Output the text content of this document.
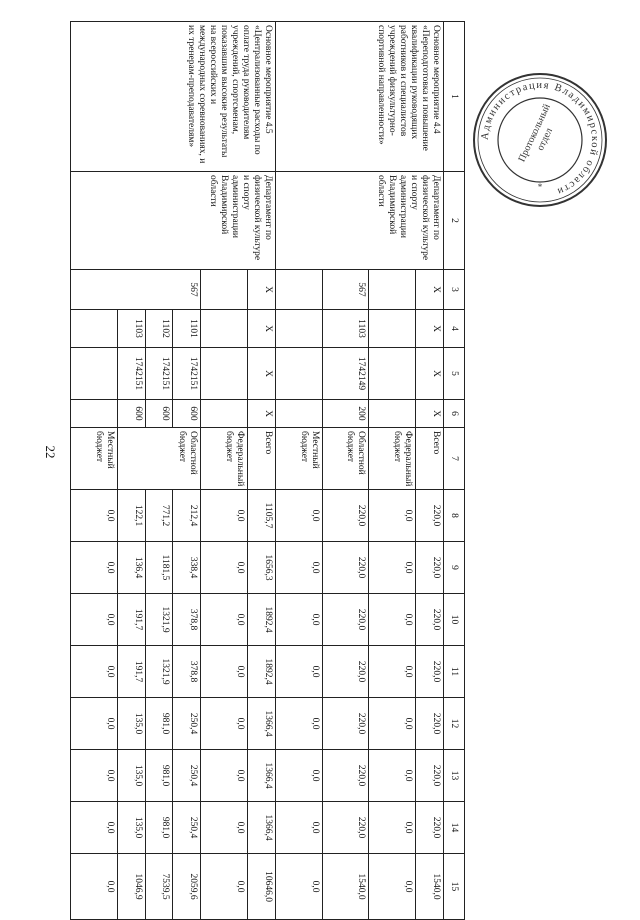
22
1	2	3	4	5	6	7	8	9	10	11	12	13	14	15
Основное мероприятие 4.4 «Переподготовка и повышение квалификации руководящих работников и специалистов учреждений физкультурно-спортивной направленности»	Департамент по физической культуре и спорту администрации Владимирской области	X	X	X	X	Всего	220,0	220,0	220,0	220,0	220,0	220,0	220,0	1540,0
						Федеральный бюджет	0,0	0,0	0,0	0,0	0,0	0,0	0,0	0,0
		567	1103	1742149	200	Областной бюджет	220,0	220,0	220,0	220,0	220,0	220,0	220,0	1540,0
						Местный бюджет	0,0	0,0	0,0	0,0	0,0	0,0	0,0	0,0
Основное мероприятие 4.5 «Централизованные расходы по оплате труда руководителям учреждений, спортсменам, показавшим высокие результаты на всероссийских и международных соревнованиях, и их тренерам-преподавателям»	Департамент по физической культуре и спорту администрации Владимирской области	X	X	X	X	Всего	1105,7	1656,3	1892,4	1892,4	1366,4	1366,4	1366,4	10646,0
						Федеральный бюджет	0,0	0,0	0,0	0,0	0,0	0,0	0,0	0,0
		567	1101	1742151	600	Областной бюджет	212,4	338,4	378,8	378,8	250,4	250,4	250,4	2059,6
			1102	1742151	600		771,2	1181,5	1321,9	1321,9	981,0	981,0	981,0	7539,5
			1103	1742151	600		122,1	136,4	191,7	191,7	135,0	135,0	135,0	1046,9
						Местный бюджет	0,0	0,0	0,0	0,0	0,0	0,0	0,0	0,0
Администрация Владимирской области
*
Протокольный отдел
